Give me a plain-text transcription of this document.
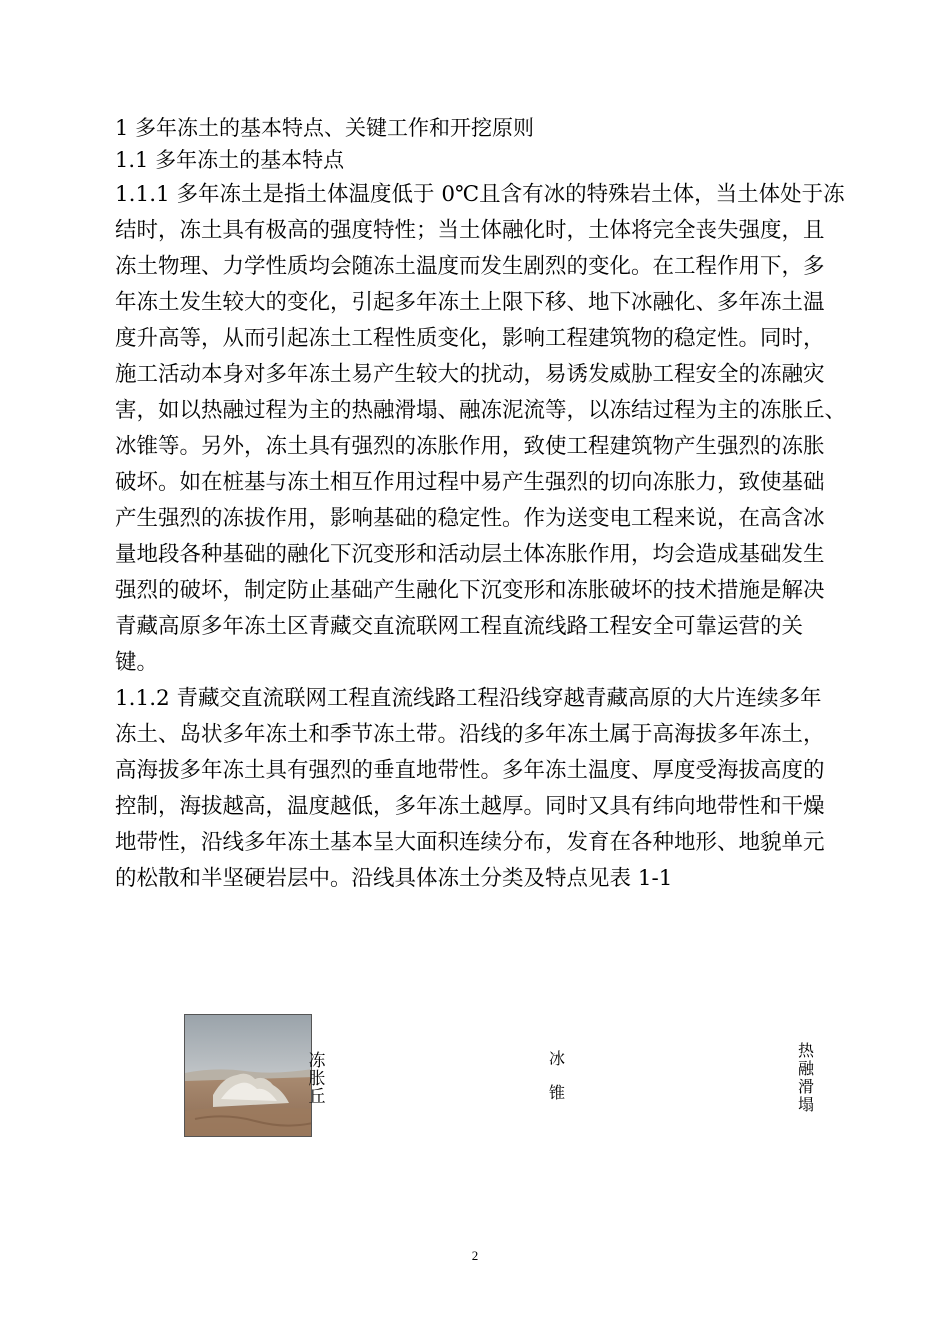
1 多年冻土的基本特点、关键工作和开挖原则
1.1 多年冻土的基本特点
1.1.1 多年冻土是指土体温度低于 0℃且含有冰的特殊岩土体，当土体处于冻
结时，冻土具有极高的强度特性；当土体融化时，土体将完全丧失强度，且
冻土物理、力学性质均会随冻土温度而发生剧烈的变化。在工程作用下，多
年冻土发生较大的变化，引起多年冻土上限下移、地下冰融化、多年冻土温
度升高等，从而引起冻土工程性质变化，影响工程建筑物的稳定性。同时，
施工活动本身对多年冻土易产生较大的扰动，易诱发威胁工程安全的冻融灾
害，如以热融过程为主的热融滑塌、融冻泥流等，以冻结过程为主的冻胀丘、
冰锥等。另外，冻土具有强烈的冻胀作用，致使工程建筑物产生强烈的冻胀
破坏。如在桩基与冻土相互作用过程中易产生强烈的切向冻胀力，致使基础
产生强烈的冻拔作用，影响基础的稳定性。作为送变电工程来说，在高含冰
量地段各种基础的融化下沉变形和活动层土体冻胀作用，均会造成基础发生
强烈的破坏，制定防止基础产生融化下沉变形和冻胀破坏的技术措施是解决
青藏高原多年冻土区青藏交直流联网工程直流线路工程安全可靠运营的关
键。
1.1.2 青藏交直流联网工程直流线路工程沿线穿越青藏高原的大片连续多年
冻土、岛状多年冻土和季节冻土带。沿线的多年冻土属于高海拔多年冻土，
高海拔多年冻土具有强烈的垂直地带性。多年冻土温度、厚度受海拔高度的
控制，海拔越高，温度越低，多年冻土越厚。同时又具有纬向地带性和干燥
地带性，沿线多年冻土基本呈大面积连续分布，发育在各种地形、地貌单元
的松散和半坚硬岩层中。沿线具体冻土分类及特点见表 1-1
冻胀丘
冰
锥
热融滑塌
2
